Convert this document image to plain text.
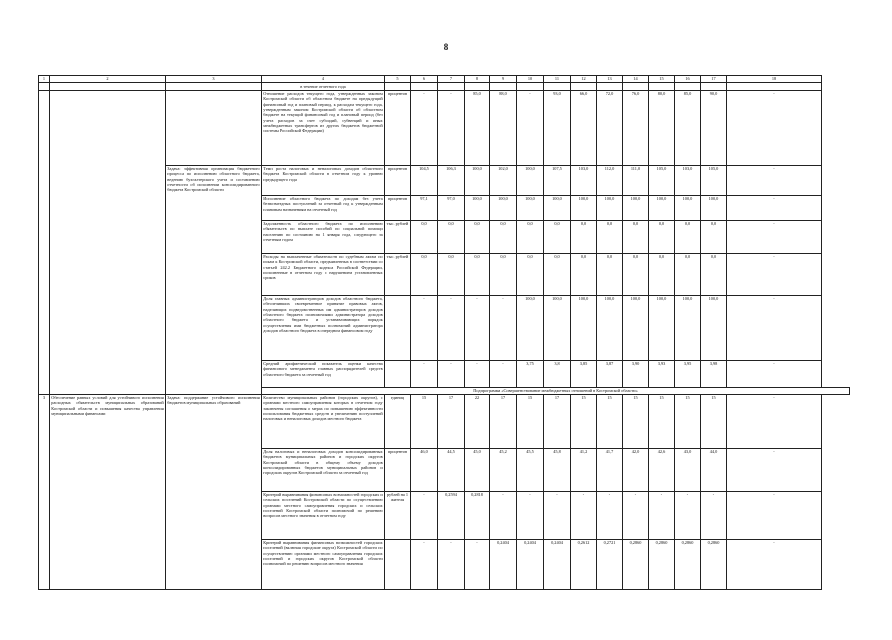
8
1	2	3	4	5	6	7	8	9	10	11	12	13	14	15	16	17	18
			в течение отчетного года														
			Отношение расходов текущего года, утвержденных законом Костромской области об областном бюджете на предыдущий финансовый год и плановый период, к расходам текущего года, утвержденным законом Костромской области об областном бюджете на текущий финансовый год и плановый период (без учета расходов за счет субсидий, субвенций и иных межбюджетных трансфертов из других бюджетов бюджетной системы Российской Федерации)	процентов	-	-	85,0	88,0	-	93,0	66,0	72,0	76,0	80,0	85,0	90,0	-
		Задача: эффективная организация бюджетного процесса по исполнению областного бюджета, ведению бухгалтерского учета и составлению отчетности об исполнении консолидированного бюджета Костромской области	Темп роста налоговых и неналоговых доходов областного бюджета Костромской области в отчетном году к уровню предыдущего года	процентов	104,5	106,3	100,0	102,0	100,0	107,5	103,0	112,0	111,0	105,0	103,0	105,0	-
			Исполнение областного бюджета по доходам без учета безвозмездных поступлений за отчетный год к утвержденным плановым назначениям на отчетный год	процентов	97,1	97,0	100,0	100,0	100,0	100,0	100,0	100,0	100,0	100,0	100,0	100,0	-
			Задолженность областного бюджета по исполнению обязательств по выплате пособий по социальной помощи населению по состоянию на 1 января года, следующего за отчетным годом	тыс. рублей	0,0	0,0	0,0	0,0	0,0	0,0	0,0	0,0	0,0	0,0	0,0	0,0	-
			Расходы на выплаченные обязательств по судебным актам по искам к Костромской области, предъявленных в соответствии со статьей 242.2 Бюджетного кодекса Российской Федерации, исполненные в отчетном году с нарушением установленных сроков	тыс. рублей	0,0	0,0	0,0	0,0	0,0	0,0	0,0	0,0	0,0	0,0	0,0	0,0	-
			Доля главных администраторов доходов областного бюджета, обеспечивших своевременное принятие правовых актов, наделяющих подведомственных им администраторов доходов областного бюджета полномочиями администратора доходов областного бюджета и устанавливающих порядок осуществления ими бюджетных полномочий администратора доходов областного бюджета в очередном финансовом году		-	-	-	-	100,0	100,0	100,0	100,0	100,0	100,0	100,0	100,0	-
			Средний арифметический показатель оценки качества финансового менеджмента главных распорядителей средств областного бюджета за отчетный год		-	-	-	-	3,75	3,8	3,85	3,87	3,90	3,93	3,95	3,98	-
			Подпрограмма «Совершенствование межбюджетных отношений в Костромской области»														
3	Обеспечение равных условий для устойчивого исполнения расходных обязательств муниципальных образований Костромской области и повышения качества управления муниципальными финансами	Задача: поддержание устойчивого исполнения бюджетов муниципальных образований	Количество муниципальных районов (городских округов), с органами местного самоуправления которых в отчетном году заключены соглашения о мерах по повышению эффективности использования бюджетных средств и увеличению поступлений налоговых и неналоговых доходов местного бюджета	единиц	15	17	22	17	15	17	15	15	15	15	15	15	-
			Доля налоговых и неналоговых доходов консолидированных бюджетов муниципальных районов и городских округов Костромской области в общему объему доходов консолидированных бюджетов муниципальных районов и городских округов Костромской области за отчетный год	процентов	46,0	44,5	45,0	45,2	45,5	45,8	41,2	41,7	42,0	42,6	43,0	44,0	-
			Критерий выравнивания финансовых возможностей городских и сельских поселений Костромской области по осуществлению органами местного самоуправления городских и сельских поселений Костромской области полномочий по решению вопросов местного значения в отчетном году	рублей на 1 жителя	-	0,2594	0,2818	-	-	-	-	-	-	-	-	-	-
			Критерий выравнивания финансовых возможностей городских поселений (включая городские округа) Костромской области по осуществлению органами местного самоуправления городских поселений и городских округов Костромской области полномочий по решению вопросов местного значения		-	-	-	0,2404	0,2404	0,2404	0,2612	0,2721	0,2860	0,2860	0,2860	0,2860	-
